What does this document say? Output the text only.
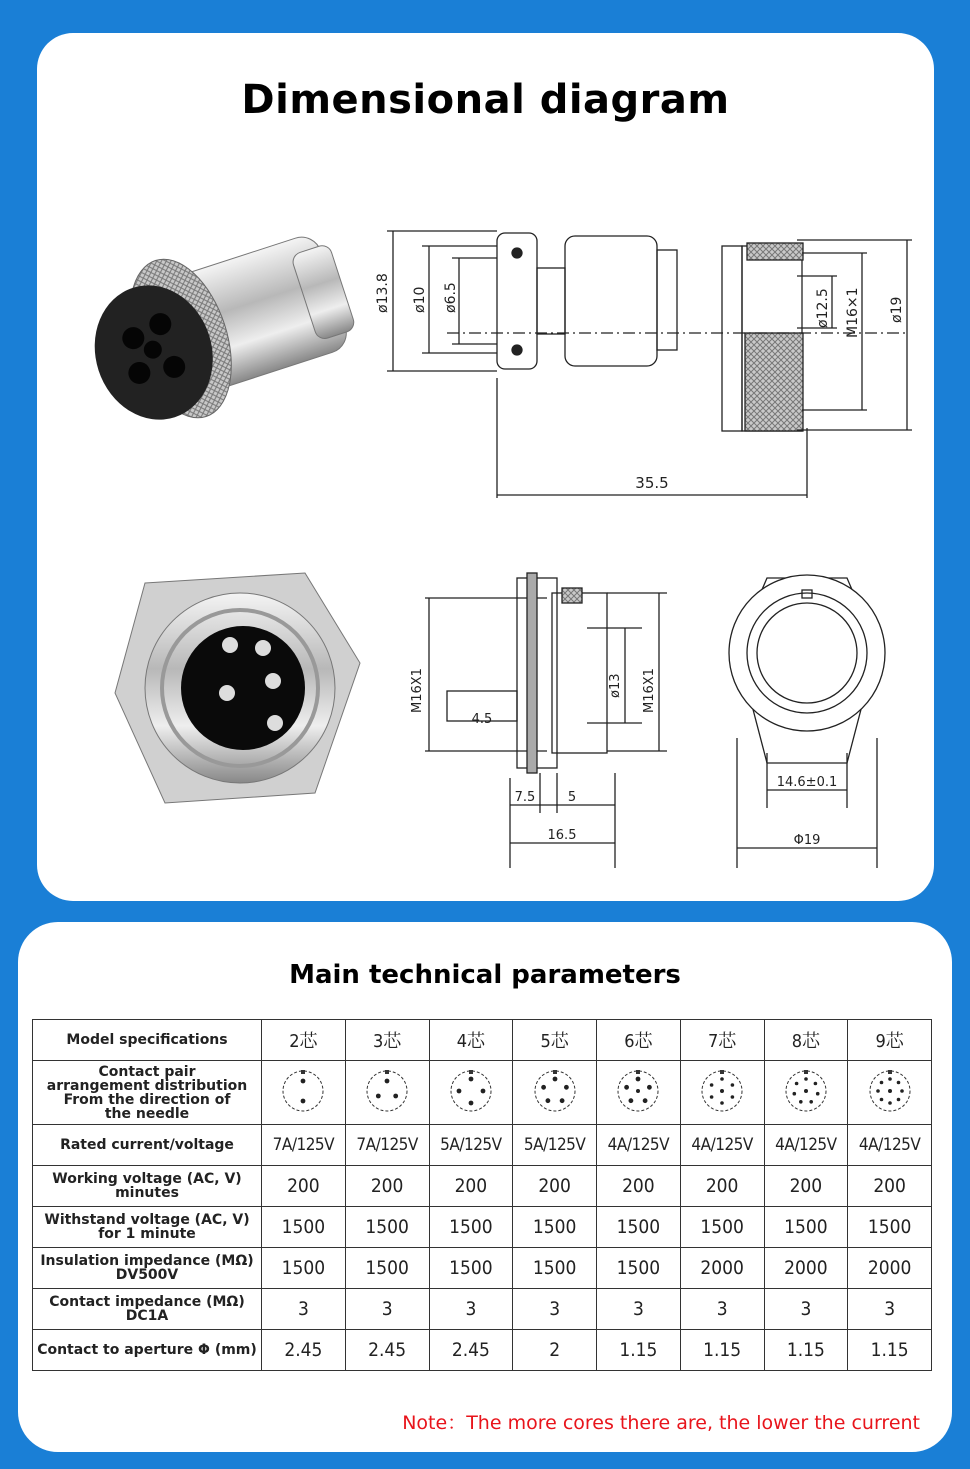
Dimensional diagram
ø13.8 ø10 ø6.5	ø12.5 M16×1 ø19
35.5
M16X1	ø13 M16X1
4.5
7.5	5
16.5
14.6±0.1
Φ19
Main technical parameters
Model specifications	2芯	3芯	4芯	5芯	6芯	7芯	8芯	9芯

Contact pair
arrangement distribution
From the direction of
the needle

Rated current/voltage	7A/125V	7A/125V	5A/125V	5A/125V	4A/125V	4A/125V	4A/125V	4A/125V

Working voltage (AC, V)
minutes	200	200	200	200	200	200	200	200

Withstand voltage (AC, V)
for 1 minute	1500	1500	1500	1500	1500	1500	1500	1500

Insulation impedance (MΩ)
DV500V	1500	1500	1500	1500	1500	2000	2000	2000

Contact impedance (MΩ)
DC1A	3	3	3	3	3	3	3	3

Contact to aperture Φ (mm)	2.45	2.45	2.45	2	1.15	1.15	1.15	1.15
Note：The more cores there are, the lower the current
